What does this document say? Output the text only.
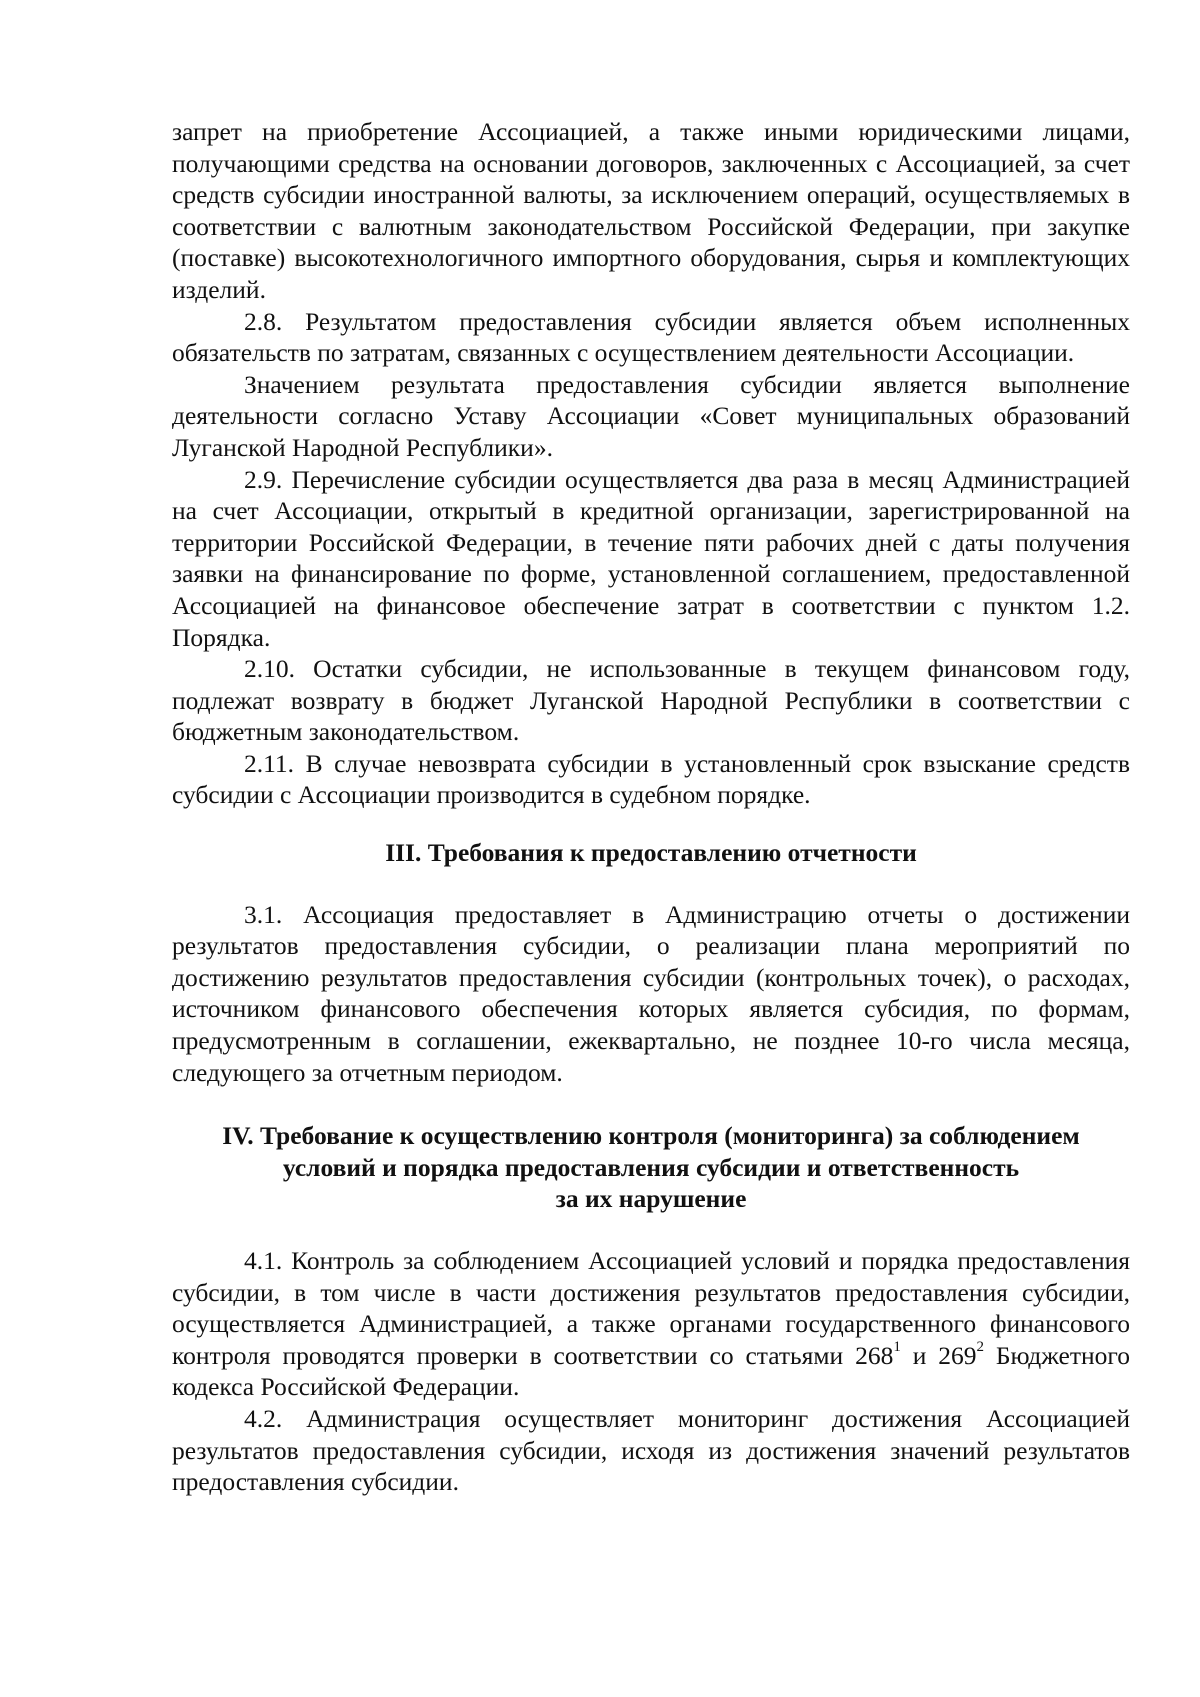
запрет на приобретение Ассоциацией, а также иными юридическими лицами, получающими средства на основании договоров, заключенных с Ассоциацией, за счет средств субсидии иностранной валюты, за исключением операций, осуществляемых в соответствии с валютным законодательством Российской Федерации, при закупке (поставке) высокотехнологичного импортного оборудования, сырья и комплектующих изделий.

2.8. Результатом предоставления субсидии является объем исполненных обязательств по затратам, связанных с осуществлением деятельности Ассоциации.

Значением результата предоставления субсидии является выполнение деятельности согласно Уставу Ассоциации «Совет муниципальных образований Луганской Народной Республики».

2.9. Перечисление субсидии осуществляется два раза в месяц Администрацией на счет Ассоциации, открытый в кредитной организации, зарегистрированной на территории Российской Федерации, в течение пяти рабочих дней с даты получения заявки на финансирование по форме, установленной соглашением, предоставленной Ассоциацией на финансовое обеспечение затрат в соответствии с пунктом 1.2. Порядка.

2.10. Остатки субсидии, не использованные в текущем финансовом году, подлежат возврату в бюджет Луганской Народной Республики в соответствии с бюджетным законодательством.

2.11. В случае невозврата субсидии в установленный срок взыскание средств субсидии с Ассоциации производится в судебном порядке.

III. Требования к предоставлению отчетности

3.1. Ассоциация предоставляет в Администрацию отчеты о достижении результатов предоставления субсидии, о реализации плана мероприятий по достижению результатов предоставления субсидии (контрольных точек), о расходах, источником финансового обеспечения которых является субсидия, по формам, предусмотренным в соглашении, ежеквартально, не позднее 10-го числа месяца, следующего за отчетным периодом.

IV. Требование к осуществлению контроля (мониторинга) за соблюдением
условий и порядка предоставления субсидии и ответственность
за их нарушение

4.1. Контроль за соблюдением Ассоциацией условий и порядка предоставления субсидии, в том числе в части достижения результатов предоставления субсидии, осуществляется Администрацией, а также органами государственного финансового контроля проводятся проверки в соответствии со статьями $268^1$ и $269^2$ Бюджетного кодекса Российской Федерации.

4.2. Администрация осуществляет мониторинг достижения Ассоциацией результатов предоставления субсидии, исходя из достижения значений результатов предоставления субсидии.
